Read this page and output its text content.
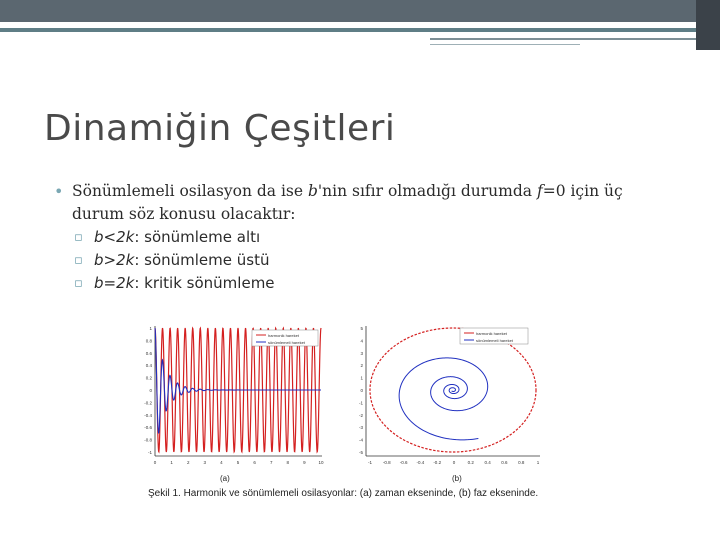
Dinamiğin Çeşitleri
• Sönümlemeli osilasyon da ise b'nin sıfır olmadığı durumda f=0 için üç
durum söz konusu olacaktır:
▫ b<2k: sönümleme altı
▫ b>2k: sönümleme üstü
▫ b=2k: kritik sönümleme
1
0.8
0.6
0.4
0.2
0
-0.2
-0.4
-0.6
-0.8
-1
0	1	2	3	4	5	6	7	8	9	10
harmonik hareket
sönümlemeli hareket
(a)
5
4
3
2
1
0
-1
-2
-3
-4
-5
-1 -0.8 -0.6 -0.4 -0.2	0	0.2 0.4 0.6 0.8	1
harmonik hareket
sönümlemeli hareket
(b)
Şekil 1. Harmonik ve sönümlemeli osilasyonlar: (a) zaman ekseninde, (b) faz ekseninde.
